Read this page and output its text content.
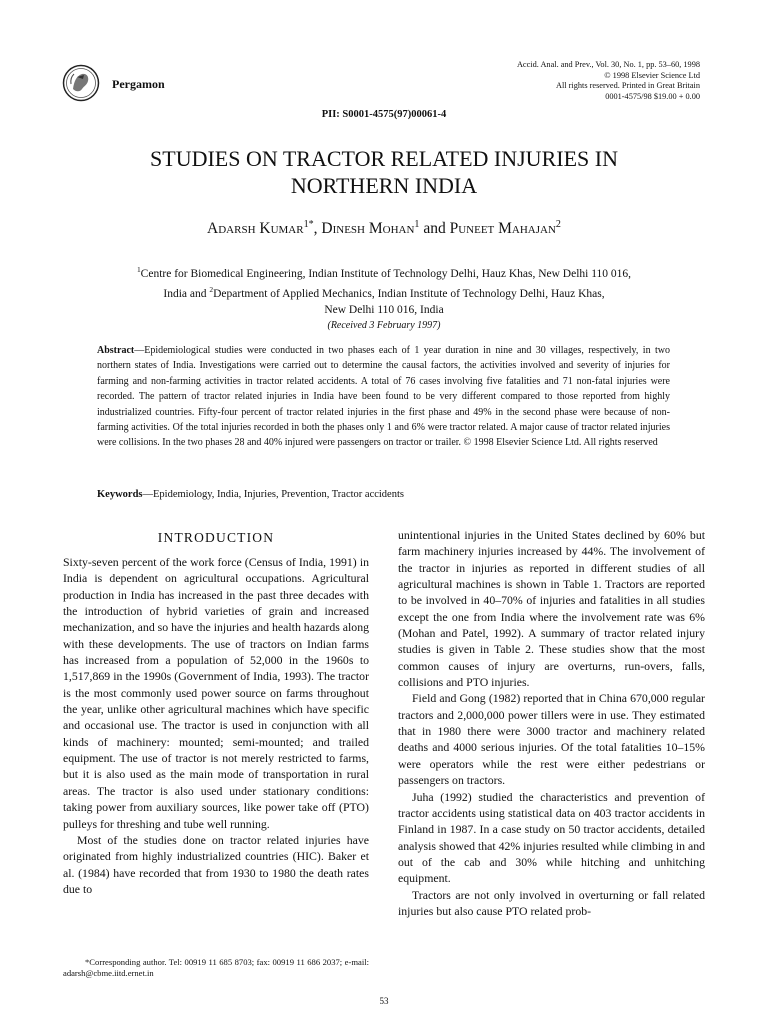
Pergamon
Accid. Anal. and Prev., Vol. 30, No. 1, pp. 53–60, 1998
© 1998 Elsevier Science Ltd
All rights reserved. Printed in Great Britain
0001-4575/98 $19.00 + 0.00
PII: S0001-4575(97)00061-4
STUDIES ON TRACTOR RELATED INJURIES IN
NORTHERN INDIA
Adarsh Kumar$^{1*}$, Dinesh Mohan$^1$ and Puneet Mahajan$^2$
$^1$Centre for Biomedical Engineering, Indian Institute of Technology Delhi, Hauz Khas, New Delhi 110 016,
India and $^2$Department of Applied Mechanics, Indian Institute of Technology Delhi, Hauz Khas,
New Delhi 110 016, India
(Received 3 February 1997)
Abstract—Epidemiological studies were conducted in two phases each of 1 year duration in nine and 30 villages, respectively, in two northern states of India. Investigations were carried out to determine the causal factors, the activities involved and severity of injuries for farming and non-farming activities in tractor related accidents. A total of 76 cases involving five fatalities and 71 non-fatal injuries were recorded. The pattern of tractor related injuries in India have been found to be very different compared to those reported from highly industrialized countries. Fifty-four percent of tractor related injuries in the first phase and 49% in the second phase were because of non-farming activities. Of the total injuries recorded in both the phases only 1 and 6% were tractor related. A major cause of tractor related injuries were collisions. In the two phases 28 and 40% injured were passengers on tractor or trailer. © 1998 Elsevier Science Ltd. All rights reserved
Keywords—Epidemiology, India, Injuries, Prevention, Tractor accidents
INTRODUCTION

Sixty-seven percent of the work force (Census of India, 1991) in India is dependent on agricultural occupations. Agricultural production in India has increased in the past three decades with the introduction of hybrid varieties of grain and increased mechanization, and so have the injuries and health hazards along with these developments. The use of tractors on Indian farms has increased from a population of 52,000 in the 1960s to 1,517,869 in the 1990s (Government of India, 1993). The tractor is the most commonly used power source on farms throughout the year, unlike other agricultural machines which have specific and occasional use. The tractor is used in conjunction with all kinds of machinery: mounted; semi-mounted; and trailed equipment. The use of tractor is not merely restricted to farms, but it is also used as the main mode of transportation in rural areas. The tractor is also used under stationary conditions: taking power from auxiliary sources, like power take off (PTO) pulleys for threshing and tube well running.

Most of the studies done on tractor related injuries have originated from highly industrialized countries (HIC). Baker et al. (1984) have recorded that from 1930 to 1980 the death rates due to

unintentional injuries in the United States declined by 60% but farm machinery injuries increased by 44%. The involvement of the tractor in injuries as reported in different studies of all agricultural machines is shown in Table 1. Tractors are reported to be involved in 40–70% of injuries and fatalities in all studies except the one from India where the involvement rate was 6% (Mohan and Patel, 1992). A summary of tractor related injury studies is given in Table 2. These studies show that the most common causes of injury are overturns, run-overs, falls, collisions and PTO injuries.

Field and Gong (1982) reported that in China 670,000 regular tractors and 2,000,000 power tillers were in use. They estimated that in 1980 there were 3000 tractor and machinery related deaths and 4000 serious injuries. Of the total fatalities 10–15% were operators while the rest were either pedestrians or passengers on tractors.

Juha (1992) studied the characteristics and prevention of tractor accidents using statistical data on 403 tractor accidents in Finland in 1987. In a case study on 50 tractor accidents, detailed analysis showed that 42% injuries resulted while climbing in and out of the cab and 30% while hitching and unhitching equipment.

Tractors are not only involved in overturning or fall related injuries but also cause PTO related prob-

*Corresponding author. Tel: 00919 11 685 8703; fax: 00919 11 686 2037; e-mail: adarsh@cbme.iitd.ernet.in
53
